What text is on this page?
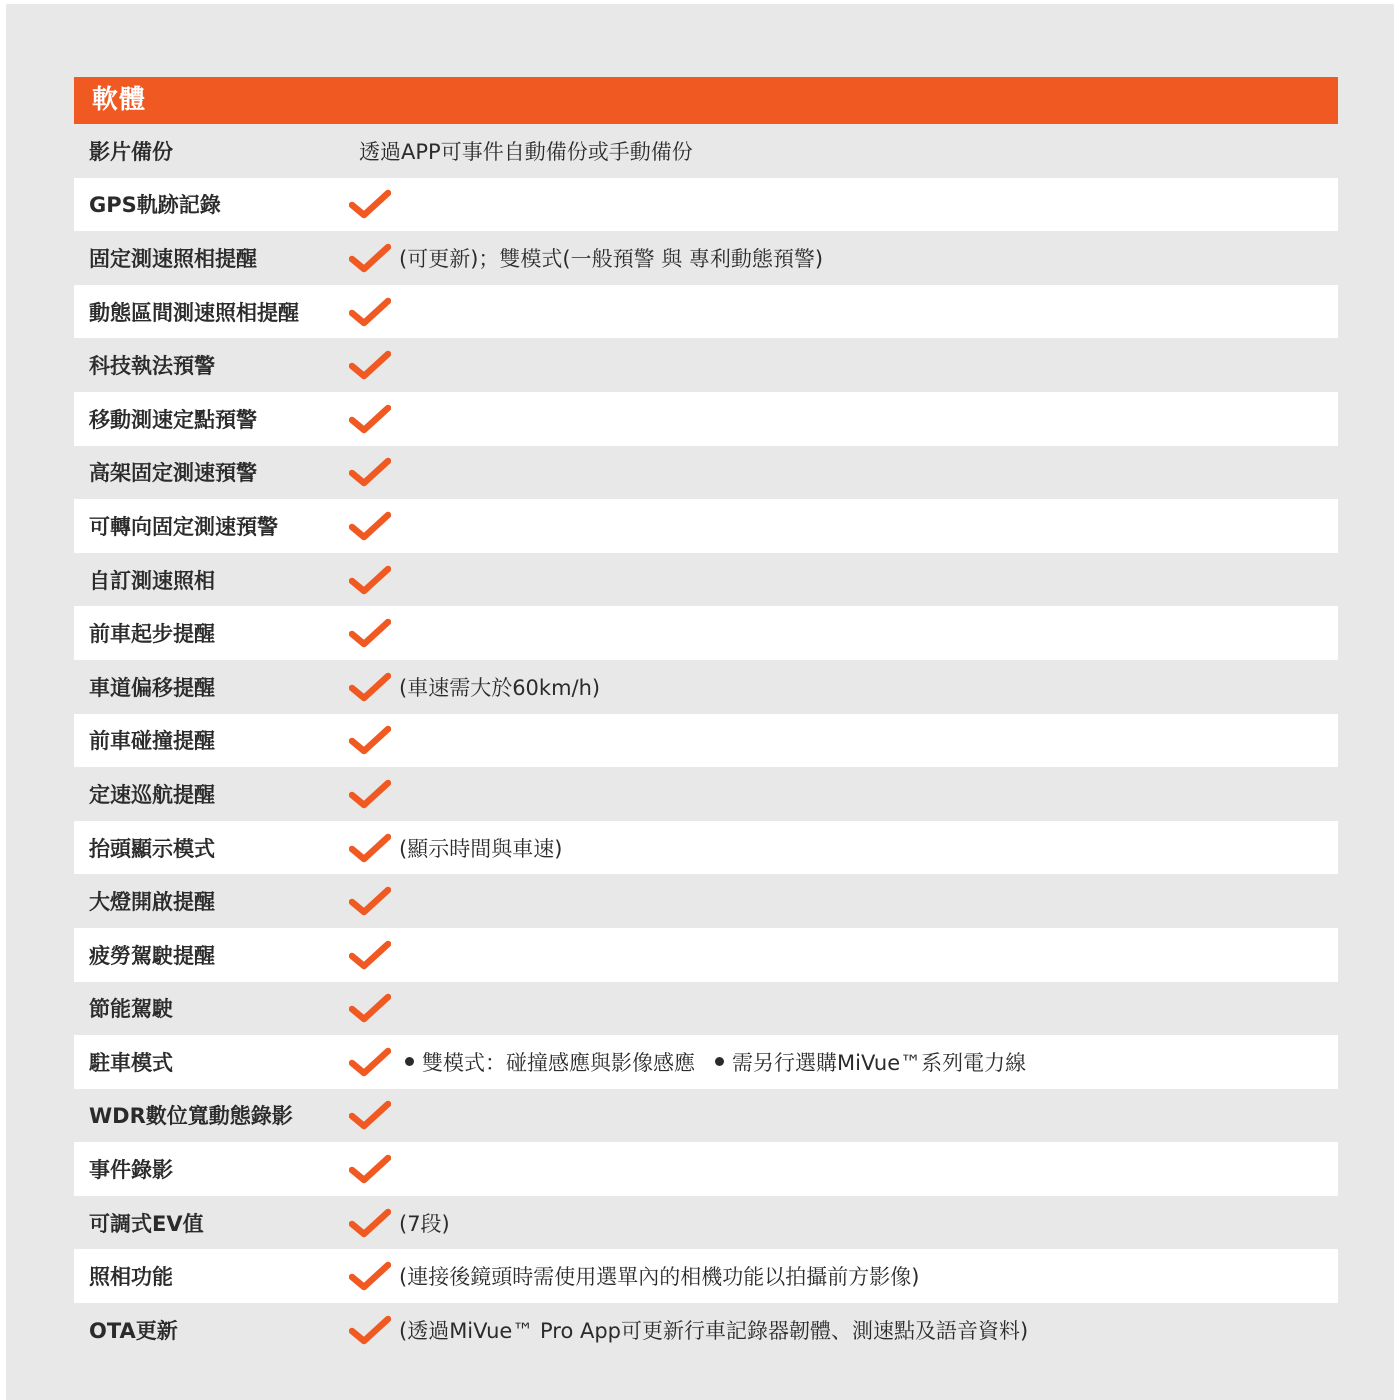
軟體
影片備份	透過APP可事件自動備份或手動備份
GPS軌跡記錄
固定測速照相提醒	(可更新)；雙模式(一般預警 與 專利動態預警)
動態區間測速照相提醒
科技執法預警
移動測速定點預警
高架固定測速預警
可轉向固定測速預警
自訂測速照相
前車起步提醒
車道偏移提醒	(車速需大於60km/h)
前車碰撞提醒
定速巡航提醒
抬頭顯示模式	(顯示時間與車速)
大燈開啟提醒
疲勞駕駛提醒
節能駕駛
駐車模式	雙模式：碰撞感應與影像感應 需另行選購MiVue™系列電力線
WDR數位寬動態錄影
事件錄影
可調式EV值	(7段)
照相功能	(連接後鏡頭時需使用選單內的相機功能以拍攝前方影像)
OTA更新	(透過MiVue™ Pro App可更新行車記錄器韌體、測速點及語音資料)
